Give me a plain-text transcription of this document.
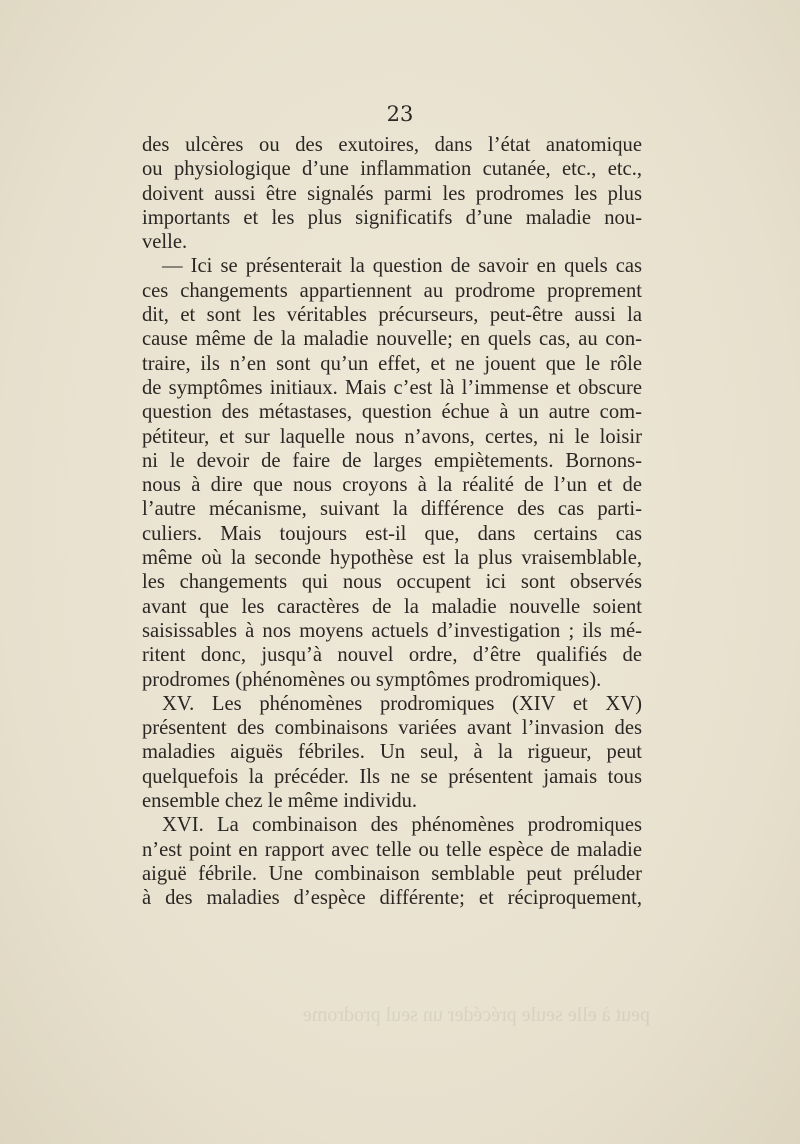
23

des ulcères ou des exutoires, dans l’état anatomique
ou physiologique d’une inflammation cutanée, etc., etc.,
doivent aussi être signalés parmi les prodromes les plus
importants et les plus significatifs d’une maladie nou-
velle.

— Ici se présenterait la question de savoir en quels cas
ces changements appartiennent au prodrome proprement
dit, et sont les véritables précurseurs, peut-être aussi la
cause même de la maladie nouvelle; en quels cas, au con-
traire, ils n’en sont qu’un effet, et ne jouent que le rôle
de symptômes initiaux. Mais c’est là l’immense et obscure
question des métastases, question échue à un autre com-
pétiteur, et sur laquelle nous n’avons, certes, ni le loisir
ni le devoir de faire de larges empiètements. Bornons-
nous à dire que nous croyons à la réalité de l’un et de
l’autre mécanisme, suivant la différence des cas parti-
culiers. Mais toujours est-il que, dans certains cas
même où la seconde hypothèse est la plus vraisemblable,
les changements qui nous occupent ici sont observés
avant que les caractères de la maladie nouvelle soient
saisissables à nos moyens actuels d’investigation ; ils mé-
ritent donc, jusqu’à nouvel ordre, d’être qualifiés de
prodromes (phénomènes ou symptômes prodromiques).

XV. Les phénomènes prodromiques (XIV et XV)
présentent des combinaisons variées avant l’invasion des
maladies aiguës fébriles. Un seul, à la rigueur, peut
quelquefois la précéder. Ils ne se présentent jamais tous
ensemble chez le même individu.

XVI. La combinaison des phénomènes prodromiques
n’est point en rapport avec telle ou telle espèce de maladie
aiguë fébrile. Une combinaison semblable peut préluder
à des maladies d’espèce différente; et réciproquement,

peut à elle seule précéder un seul prodrome
